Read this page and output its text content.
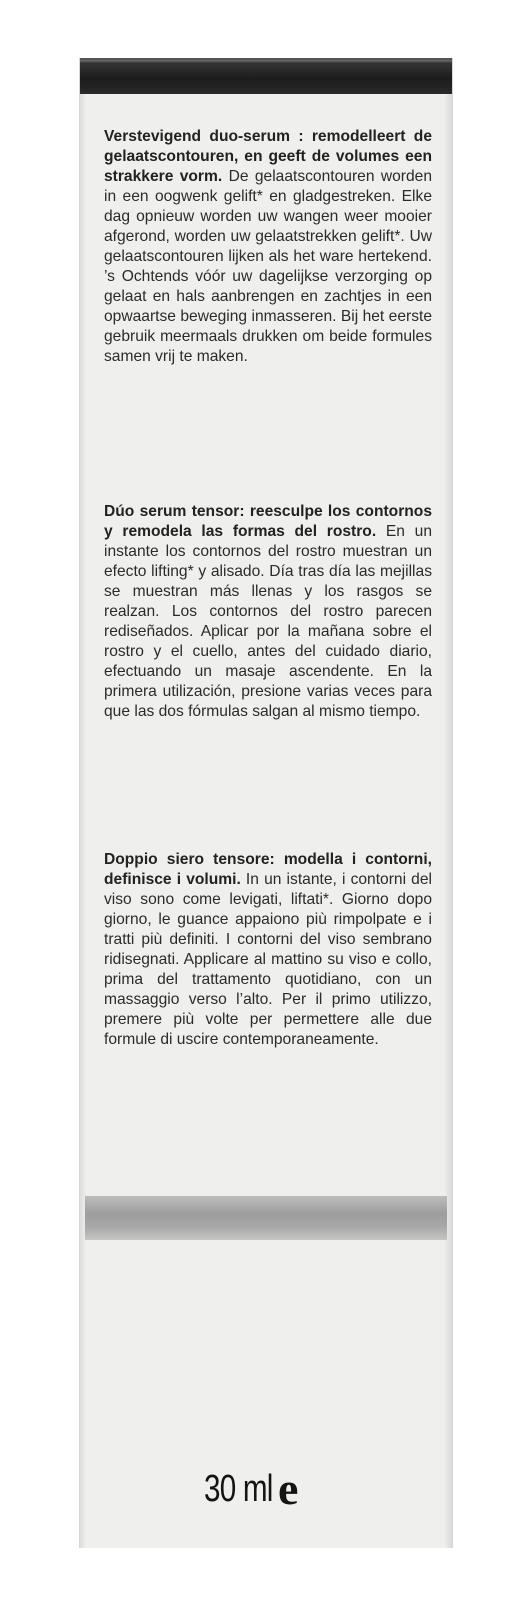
Verstevigend duo-serum : remodelleert de gelaatscontouren, en geeft de volumes een strakkere vorm. De gelaatscontouren worden in een oogwenk gelift* en gladgestreken. Elke dag opnieuw worden uw wangen weer mooier afgerond, worden uw gelaatstrekken gelift*. Uw gelaatscontouren lijken als het ware hertekend. ’s Ochtends vóór uw dagelijkse verzorging op gelaat en hals aanbrengen en zachtjes in een opwaartse beweging inmasseren. Bij het eerste gebruik meermaals drukken om beide formules samen vrij te maken.
Dúo serum tensor: reesculpe los contornos y remodela las formas del rostro. En un instante los contornos del rostro muestran un efecto lifting* y alisado. Día tras día las mejillas se muestran más llenas y los rasgos se realzan. Los contornos del rostro parecen rediseñados. Aplicar por la mañana sobre el rostro y el cuello, antes del cuidado diario, efectuando un masaje ascendente. En la primera utilización, presione varias veces para que las dos fórmulas salgan al mismo tiempo.
Doppio siero tensore: modella i contorni, definisce i volumi. In un istante, i contorni del viso sono come levigati, liftati*. Giorno dopo giorno, le guance appaiono più rimpolpate e i tratti più definiti. I contorni del viso sembrano ridisegnati. Applicare al mattino su viso e collo, prima del trattamento quotidiano, con un massaggio verso l’alto. Per il primo utilizzo, premere più volte per permettere alle due formule di uscire contemporaneamente.
30 ml e
